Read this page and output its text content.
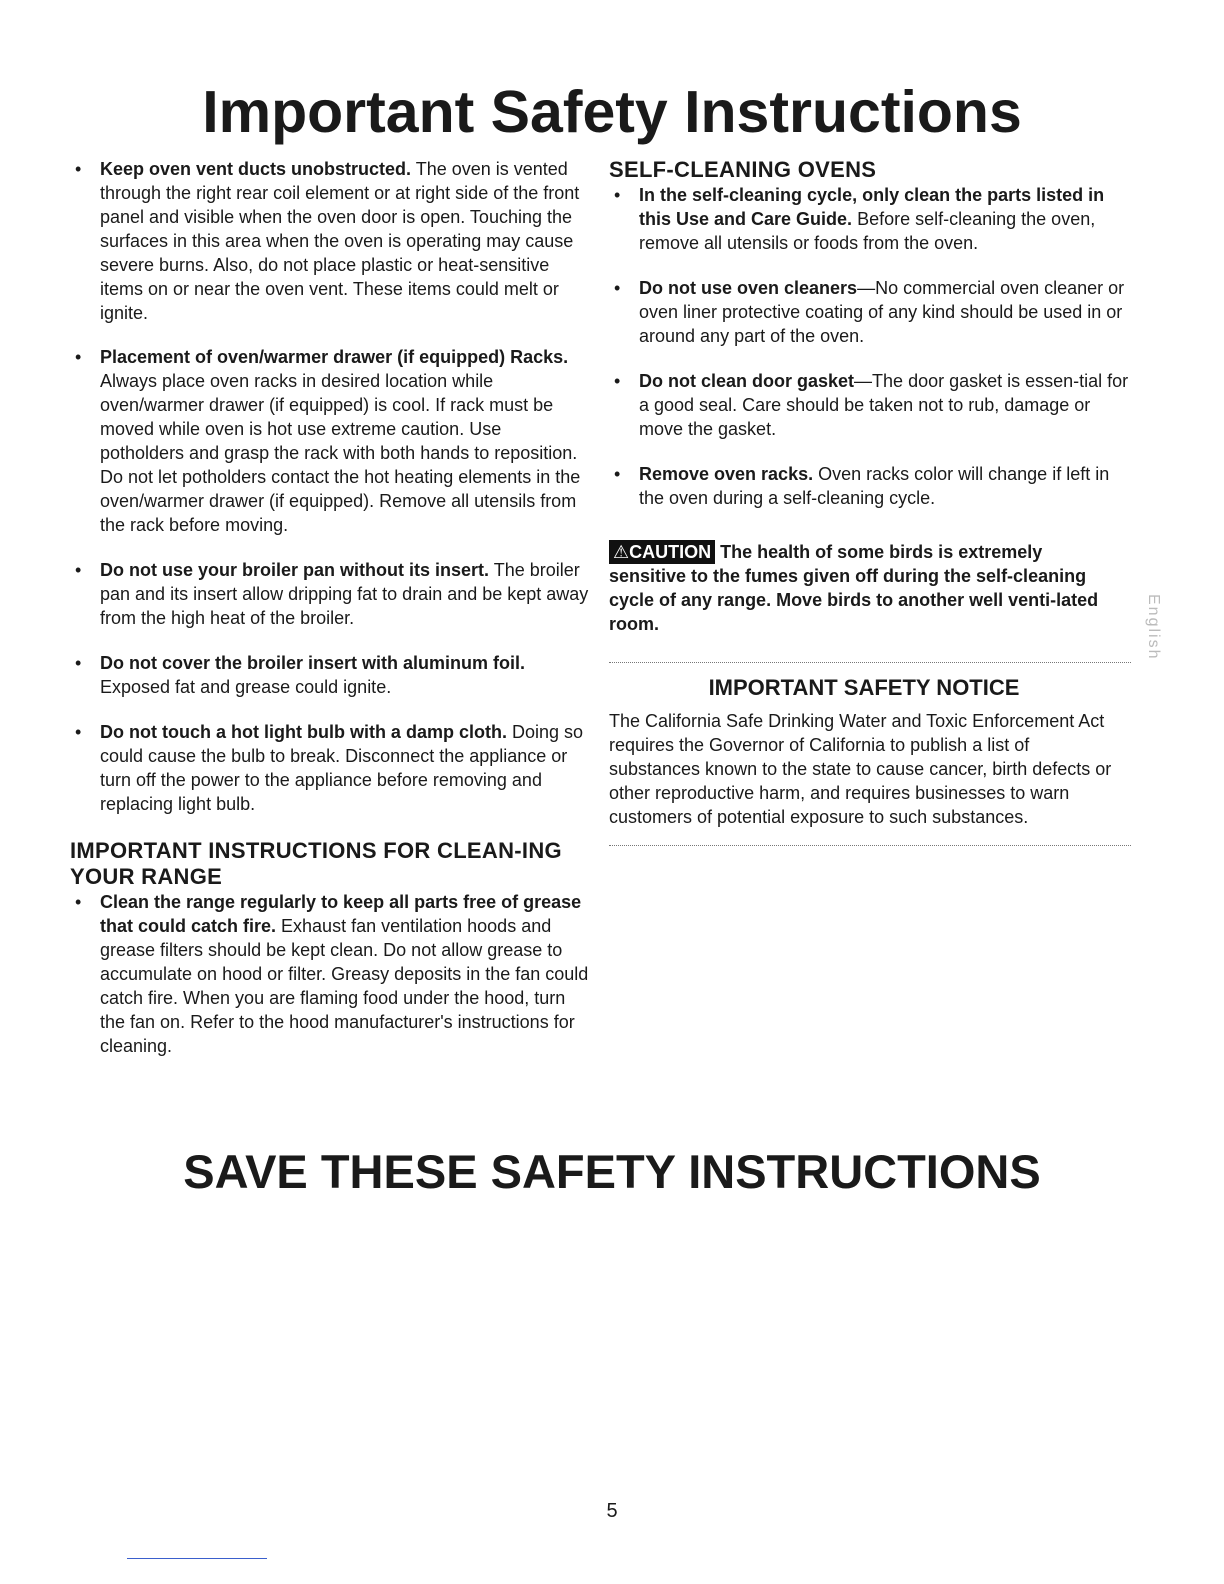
Important Safety Instructions
• Keep oven vent ducts unobstructed. The oven is vented through the right rear coil element or at right side of the front panel and visible when the oven door is open. Touching the surfaces in this area when the oven is operating may cause severe burns. Also, do not place plastic or heat-sensitive items on or near the oven vent. These items could melt or ignite.
• Placement of oven/warmer drawer (if equipped) Racks. Always place oven racks in desired location while oven/warmer drawer (if equipped) is cool. If rack must be moved while oven is hot use extreme caution. Use potholders and grasp the rack with both hands to reposition. Do not let potholders contact the hot heating elements in the oven/warmer drawer (if equipped). Remove all utensils from the rack before moving.
• Do not use your broiler pan without its insert. The broiler pan and its insert allow dripping fat to drain and be kept away from the high heat of the broiler.
• Do not cover the broiler insert with aluminum foil. Exposed fat and grease could ignite.
• Do not touch a hot light bulb with a damp cloth. Doing so could cause the bulb to break. Disconnect the appliance or turn off the power to the appliance before removing and replacing light bulb.
IMPORTANT INSTRUCTIONS FOR CLEAN-ING YOUR RANGE
• Clean the range regularly to keep all parts free of grease that could catch fire. Exhaust fan ventilation hoods and grease filters should be kept clean. Do not allow grease to accumulate on hood or filter. Greasy deposits in the fan could catch fire. When you are flaming food under the hood, turn the fan on. Refer to the hood manufacturer's instructions for cleaning.
SELF-CLEANING OVENS
• In the self-cleaning cycle, only clean the parts listed in this Use and Care Guide. Before self-cleaning the oven, remove all utensils or foods from the oven.
• Do not use oven cleaners—No commercial oven cleaner or oven liner protective coating of any kind should be used in or around any part of the oven.
• Do not clean door gasket—The door gasket is essen-tial for a good seal. Care should be taken not to rub, damage or move the gasket.
• Remove oven racks. Oven racks color will change if left in the oven during a self-cleaning cycle.
⚠CAUTION The health of some birds is extremely sensitive to the fumes given off during the self-cleaning cycle of any range. Move birds to another well venti-lated room.
IMPORTANT SAFETY NOTICE
The California Safe Drinking Water and Toxic Enforcement Act requires the Governor of California to publish a list of substances known to the state to cause cancer, birth defects or other reproductive harm, and requires businesses to warn customers of potential exposure to such substances.
English
SAVE THESE SAFETY INSTRUCTIONS
5
